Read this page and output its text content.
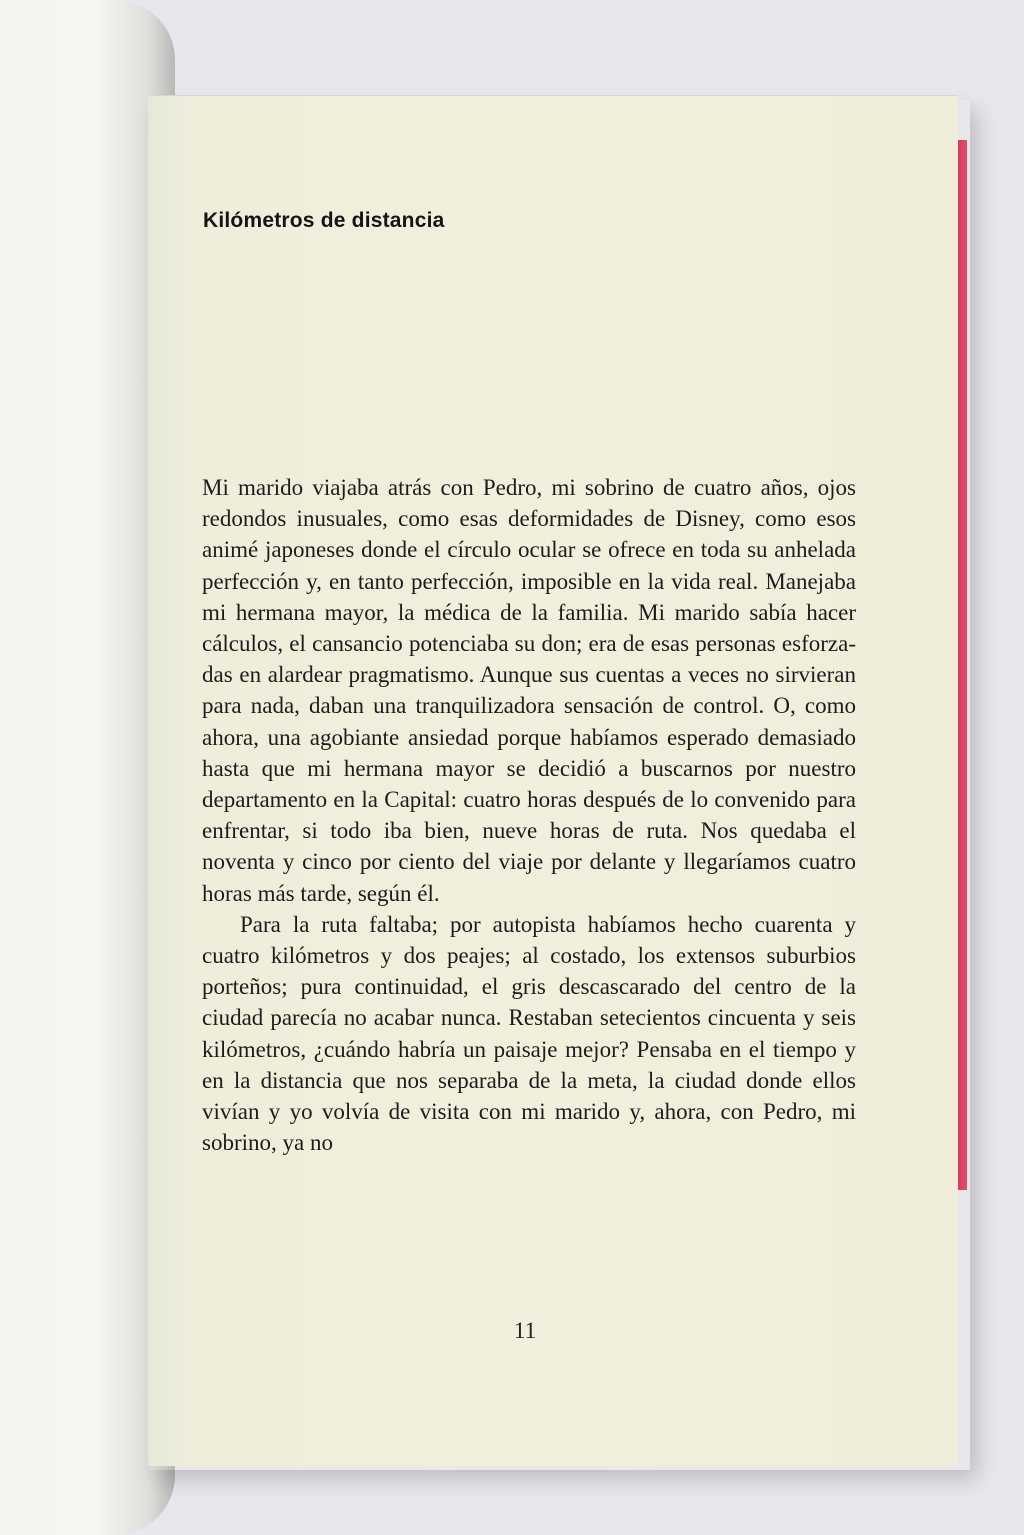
Kilómetros de distancia

Mi marido viajaba atrás con Pedro, mi sobrino de cuatro años, ojos redondos inusuales, como esas deformidades de Disney, como esos animé japoneses donde el círculo ocular se ofrece en toda su anhelada perfección y, en tanto perfección, imposible en la vida real. Manejaba mi hermana mayor, la médica de la familia. Mi marido sabía hacer cálculos, el cansancio potenciaba su don; era de esas personas esforzadas en alardear pragmatismo. Aunque sus cuentas a veces no sirvieran para nada, daban una tranquilizadora sensación de control. O, como ahora, una agobiante ansiedad porque habíamos esperado demasiado hasta que mi hermana mayor se decidió a buscarnos por nuestro departamento en la Capital: cuatro horas después de lo convenido para enfrentar, si todo iba bien, nueve horas de ruta. Nos quedaba el noventa y cinco por ciento del viaje por delante y llegaríamos cuatro horas más tarde, según él.

Para la ruta faltaba; por autopista habíamos hecho cuarenta y cuatro kilómetros y dos peajes; al costado, los extensos suburbios porteños; pura continuidad, el gris descascarado del centro de la ciudad parecía no acabar nunca. Restaban setecientos cincuenta y seis kilómetros, ¿cuándo habría un paisaje mejor? Pensaba en el tiempo y en la distancia que nos separaba de la meta, la ciudad donde ellos vivían y yo volvía de visita con mi marido y, ahora, con Pedro, mi sobrino, ya no

11
